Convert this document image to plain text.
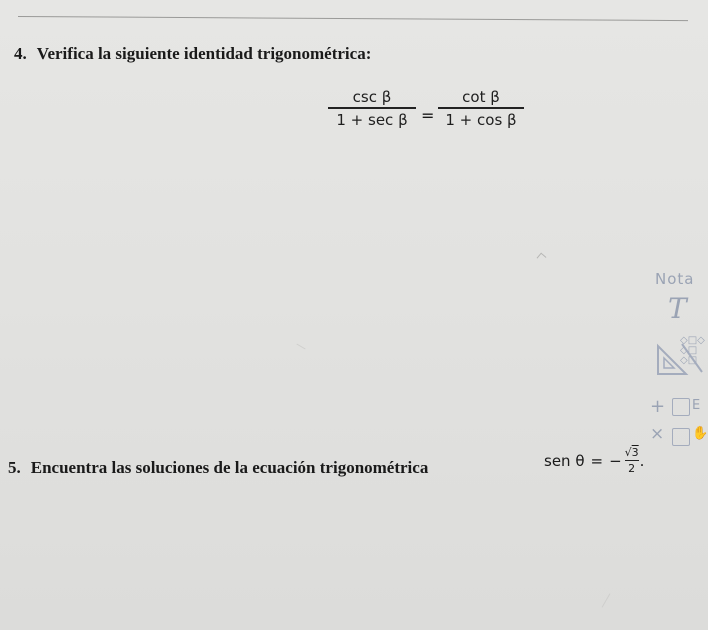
4. Verifica la siguiente identidad trigonométrica:
csc β
1 + sec β =
cot β
1 + cos β
5. Encuentra las soluciones de la ecuación trigonométrica	sen θ = − $\frac{√3}{2}$ .
Nota
T
◇□◇
◇□
◇□
+ E
× ✋
